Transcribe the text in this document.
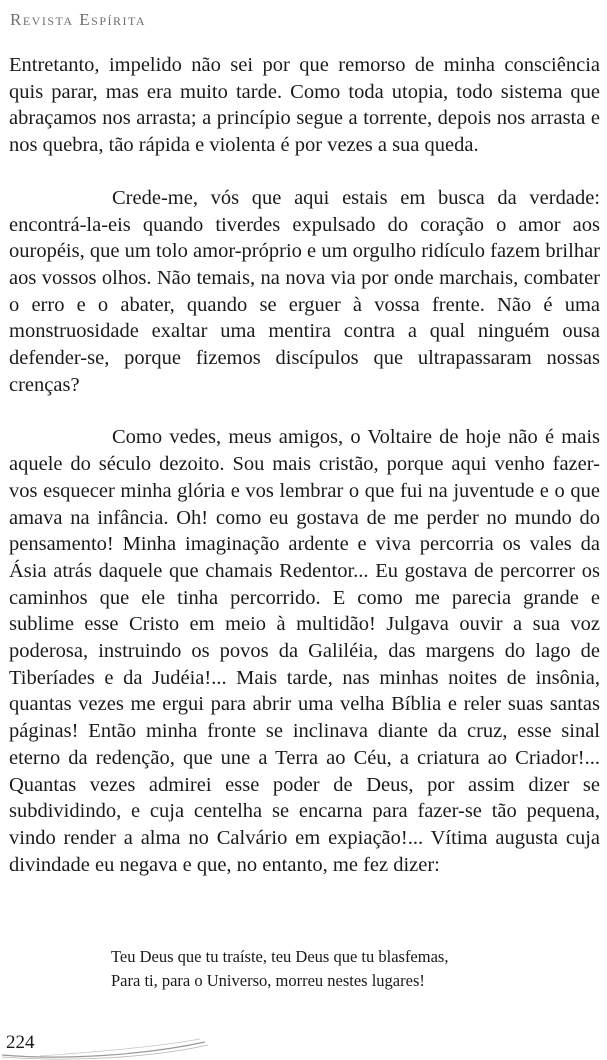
Revista Espírita

Entretanto, impelido não sei por que remorso de minha consciência quis parar, mas era muito tarde. Como toda utopia, todo sistema que abraçamos nos arrasta; a princípio segue a torrente, depois nos arrasta e nos quebra, tão rápida e violenta é por vezes a sua queda.

Crede-me, vós que aqui estais em busca da verdade: encontrá-la-eis quando tiverdes expulsado do coração o amor aos ouropéis, que um tolo amor-próprio e um orgulho ridículo fazem brilhar aos vossos olhos. Não temais, na nova via por onde marchais, combater o erro e o abater, quando se erguer à vossa frente. Não é uma monstruosidade exaltar uma mentira contra a qual ninguém ousa defender-se, porque fizemos discípulos que ultrapassaram nossas crenças?

Como vedes, meus amigos, o Voltaire de hoje não é mais aquele do século dezoito. Sou mais cristão, porque aqui venho fazer-vos esquecer minha glória e vos lembrar o que fui na juventude e o que amava na infância. Oh! como eu gostava de me perder no mundo do pensamento! Minha imaginação ardente e viva percorria os vales da Ásia atrás daquele que chamais Redentor... Eu gostava de percorrer os caminhos que ele tinha percorrido. E como me parecia grande e sublime esse Cristo em meio à multidão! Julgava ouvir a sua voz poderosa, instruindo os povos da Galiléia, das margens do lago de Tiberíades e da Judéia!... Mais tarde, nas minhas noites de insônia, quantas vezes me ergui para abrir uma velha Bíblia e reler suas santas páginas! Então minha fronte se inclinava diante da cruz, esse sinal eterno da redenção, que une a Terra ao Céu, a criatura ao Criador!... Quantas vezes admirei esse poder de Deus, por assim dizer se subdividindo, e cuja centelha se encarna para fazer-se tão pequena, vindo render a alma no Calvário em expiação!... Vítima augusta cuja divindade eu negava e que, no entanto, me fez dizer:

Teu Deus que tu traíste, teu Deus que tu blasfemas,
Para ti, para o Universo, morreu nestes lugares!
224
